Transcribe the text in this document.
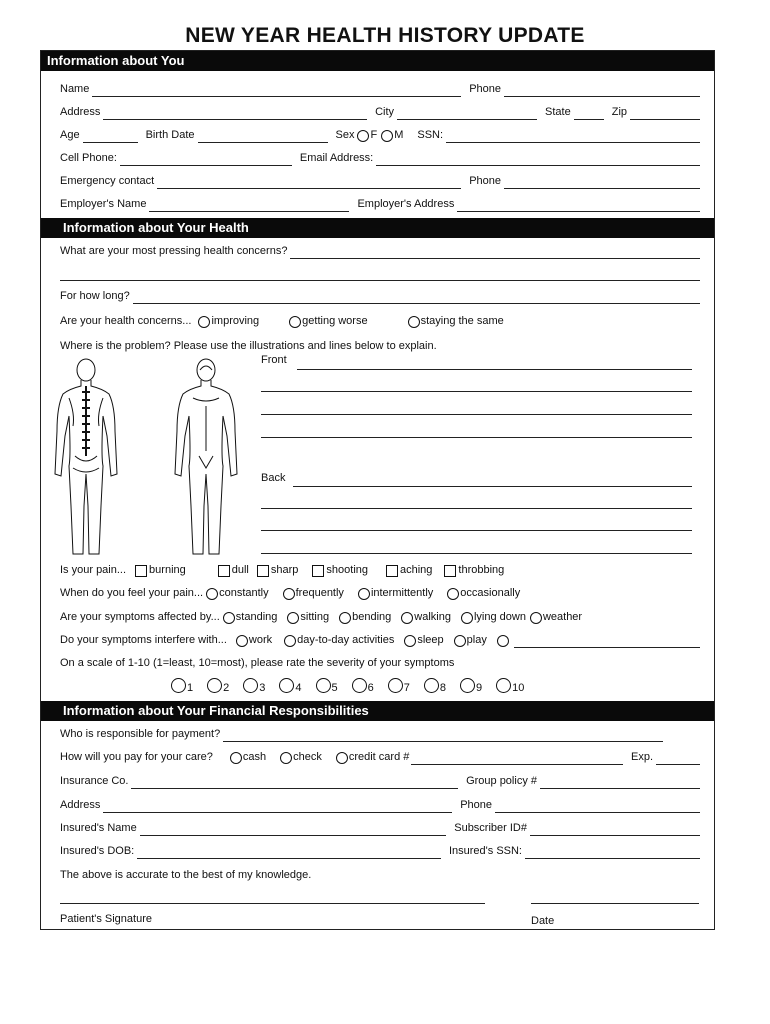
NEW YEAR HEALTH HISTORY UPDATE
Information about You
Name	Phone
Address	City	State	Zip
Age	Birth Date	Sex F M SSN:
Cell Phone:	Email Address:
Emergency contact	Phone
Employer's Name	Employer's Address
Information about Your Health
What are your most pressing health concerns?
For how long?
Are your health concerns... improving	getting worse	staying the same
Where is the problem? Please use the illustrations and lines below to explain.
Front
Back
Is your pain... burning	dull sharp	shooting	aching throbbing
When do you feel your pain... constantly frequently intermittently occasionally
Are your symptoms affected by... standing sitting bending walking lying down weather
Do your symptoms interfere with... work day-to-day activities sleep play
On a scale of 1-10 (1=least, 10=most), please rate the severity of your symptoms
1	2	3	4	5	6	7	8	9	10
Information about Your Financial Responsibilities
Who is responsible for payment?
How will you pay for your care?	cash check credit card #	Exp.
Insurance Co.	Group policy #
Address	Phone
Insured's Name	Subscriber ID#
Insured's DOB:	Insured's SSN:
The above is accurate to the best of my knowledge.
Patient's Signature	Date
